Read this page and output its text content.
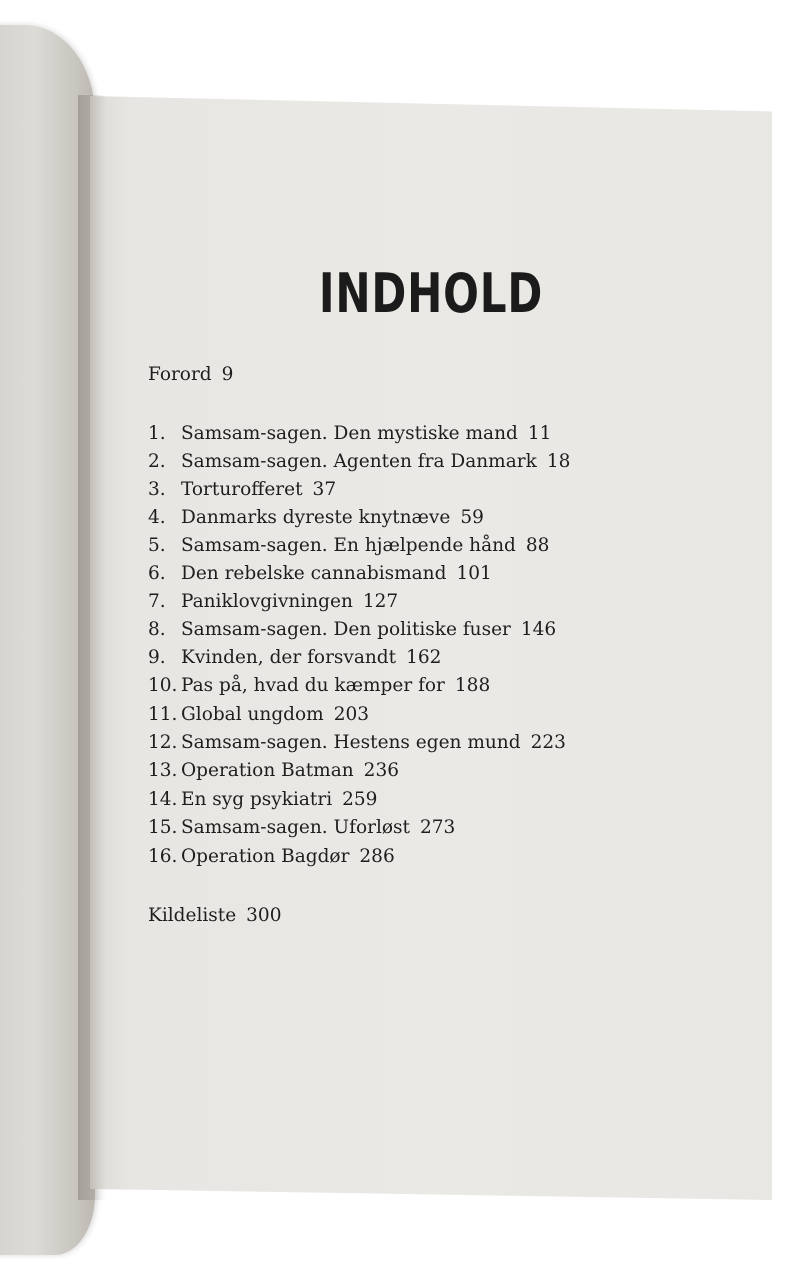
INDHOLD
Forord 9
1. Samsam-sagen. Den mystiske mand 11
2. Samsam-sagen. Agenten fra Danmark 18
3. Torturofferet 37
4. Danmarks dyreste knytnæve 59
5. Samsam-sagen. En hjælpende hånd 88
6. Den rebelske cannabismand 101
7. Paniklovgivningen 127
8. Samsam-sagen. Den politiske fuser 146
9. Kvinden, der forsvandt 162
10. Pas på, hvad du kæmper for 188
11. Global ungdom 203
12. Samsam-sagen. Hestens egen mund 223
13. Operation Batman 236
14. En syg psykiatri 259
15. Samsam-sagen. Uforløst 273
16. Operation Bagdør 286
Kildeliste 300
